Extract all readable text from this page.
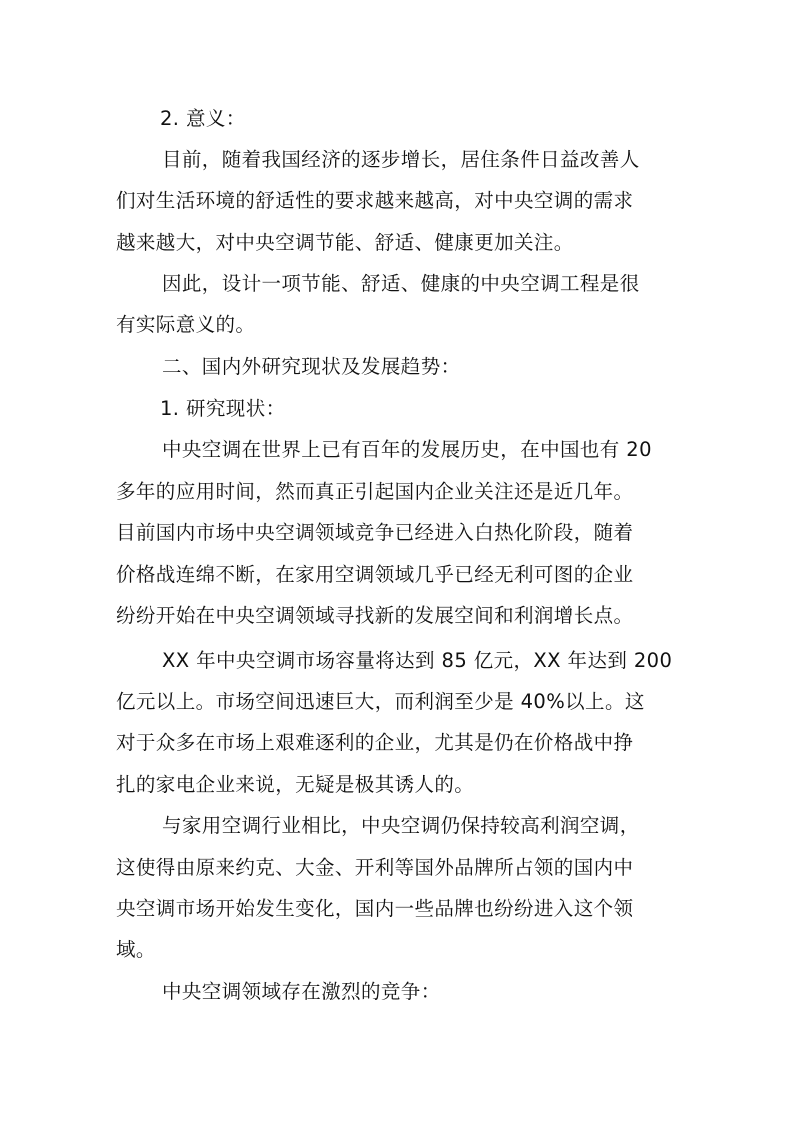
2. 意义：
目前，随着我国经济的逐步增长，居住条件日益改善人
们对生活环境的舒适性的要求越来越高，对中央空调的需求
越来越大，对中央空调节能、舒适、健康更加关注。
因此，设计一项节能、舒适、健康的中央空调工程是很
有实际意义的。
二、国内外研究现状及发展趋势：
1. 研究现状：
中央空调在世界上已有百年的发展历史，在中国也有 20
多年的应用时间，然而真正引起国内企业关注还是近几年。
目前国内市场中央空调领域竞争已经进入白热化阶段，随着
价格战连绵不断，在家用空调领域几乎已经无利可图的企业
纷纷开始在中央空调领域寻找新的发展空间和利润增长点。
XX 年中央空调市场容量将达到 85 亿元，XX 年达到 200
亿元以上。市场空间迅速巨大，而利润至少是 40%以上。这
对于众多在市场上艰难逐利的企业，尤其是仍在价格战中挣
扎的家电企业来说，无疑是极其诱人的。
与家用空调行业相比，中央空调仍保持较高利润空调，
这使得由原来约克、大金、开利等国外品牌所占领的国内中
央空调市场开始发生变化，国内一些品牌也纷纷进入这个领
域。
中央空调领域存在激烈的竞争：
